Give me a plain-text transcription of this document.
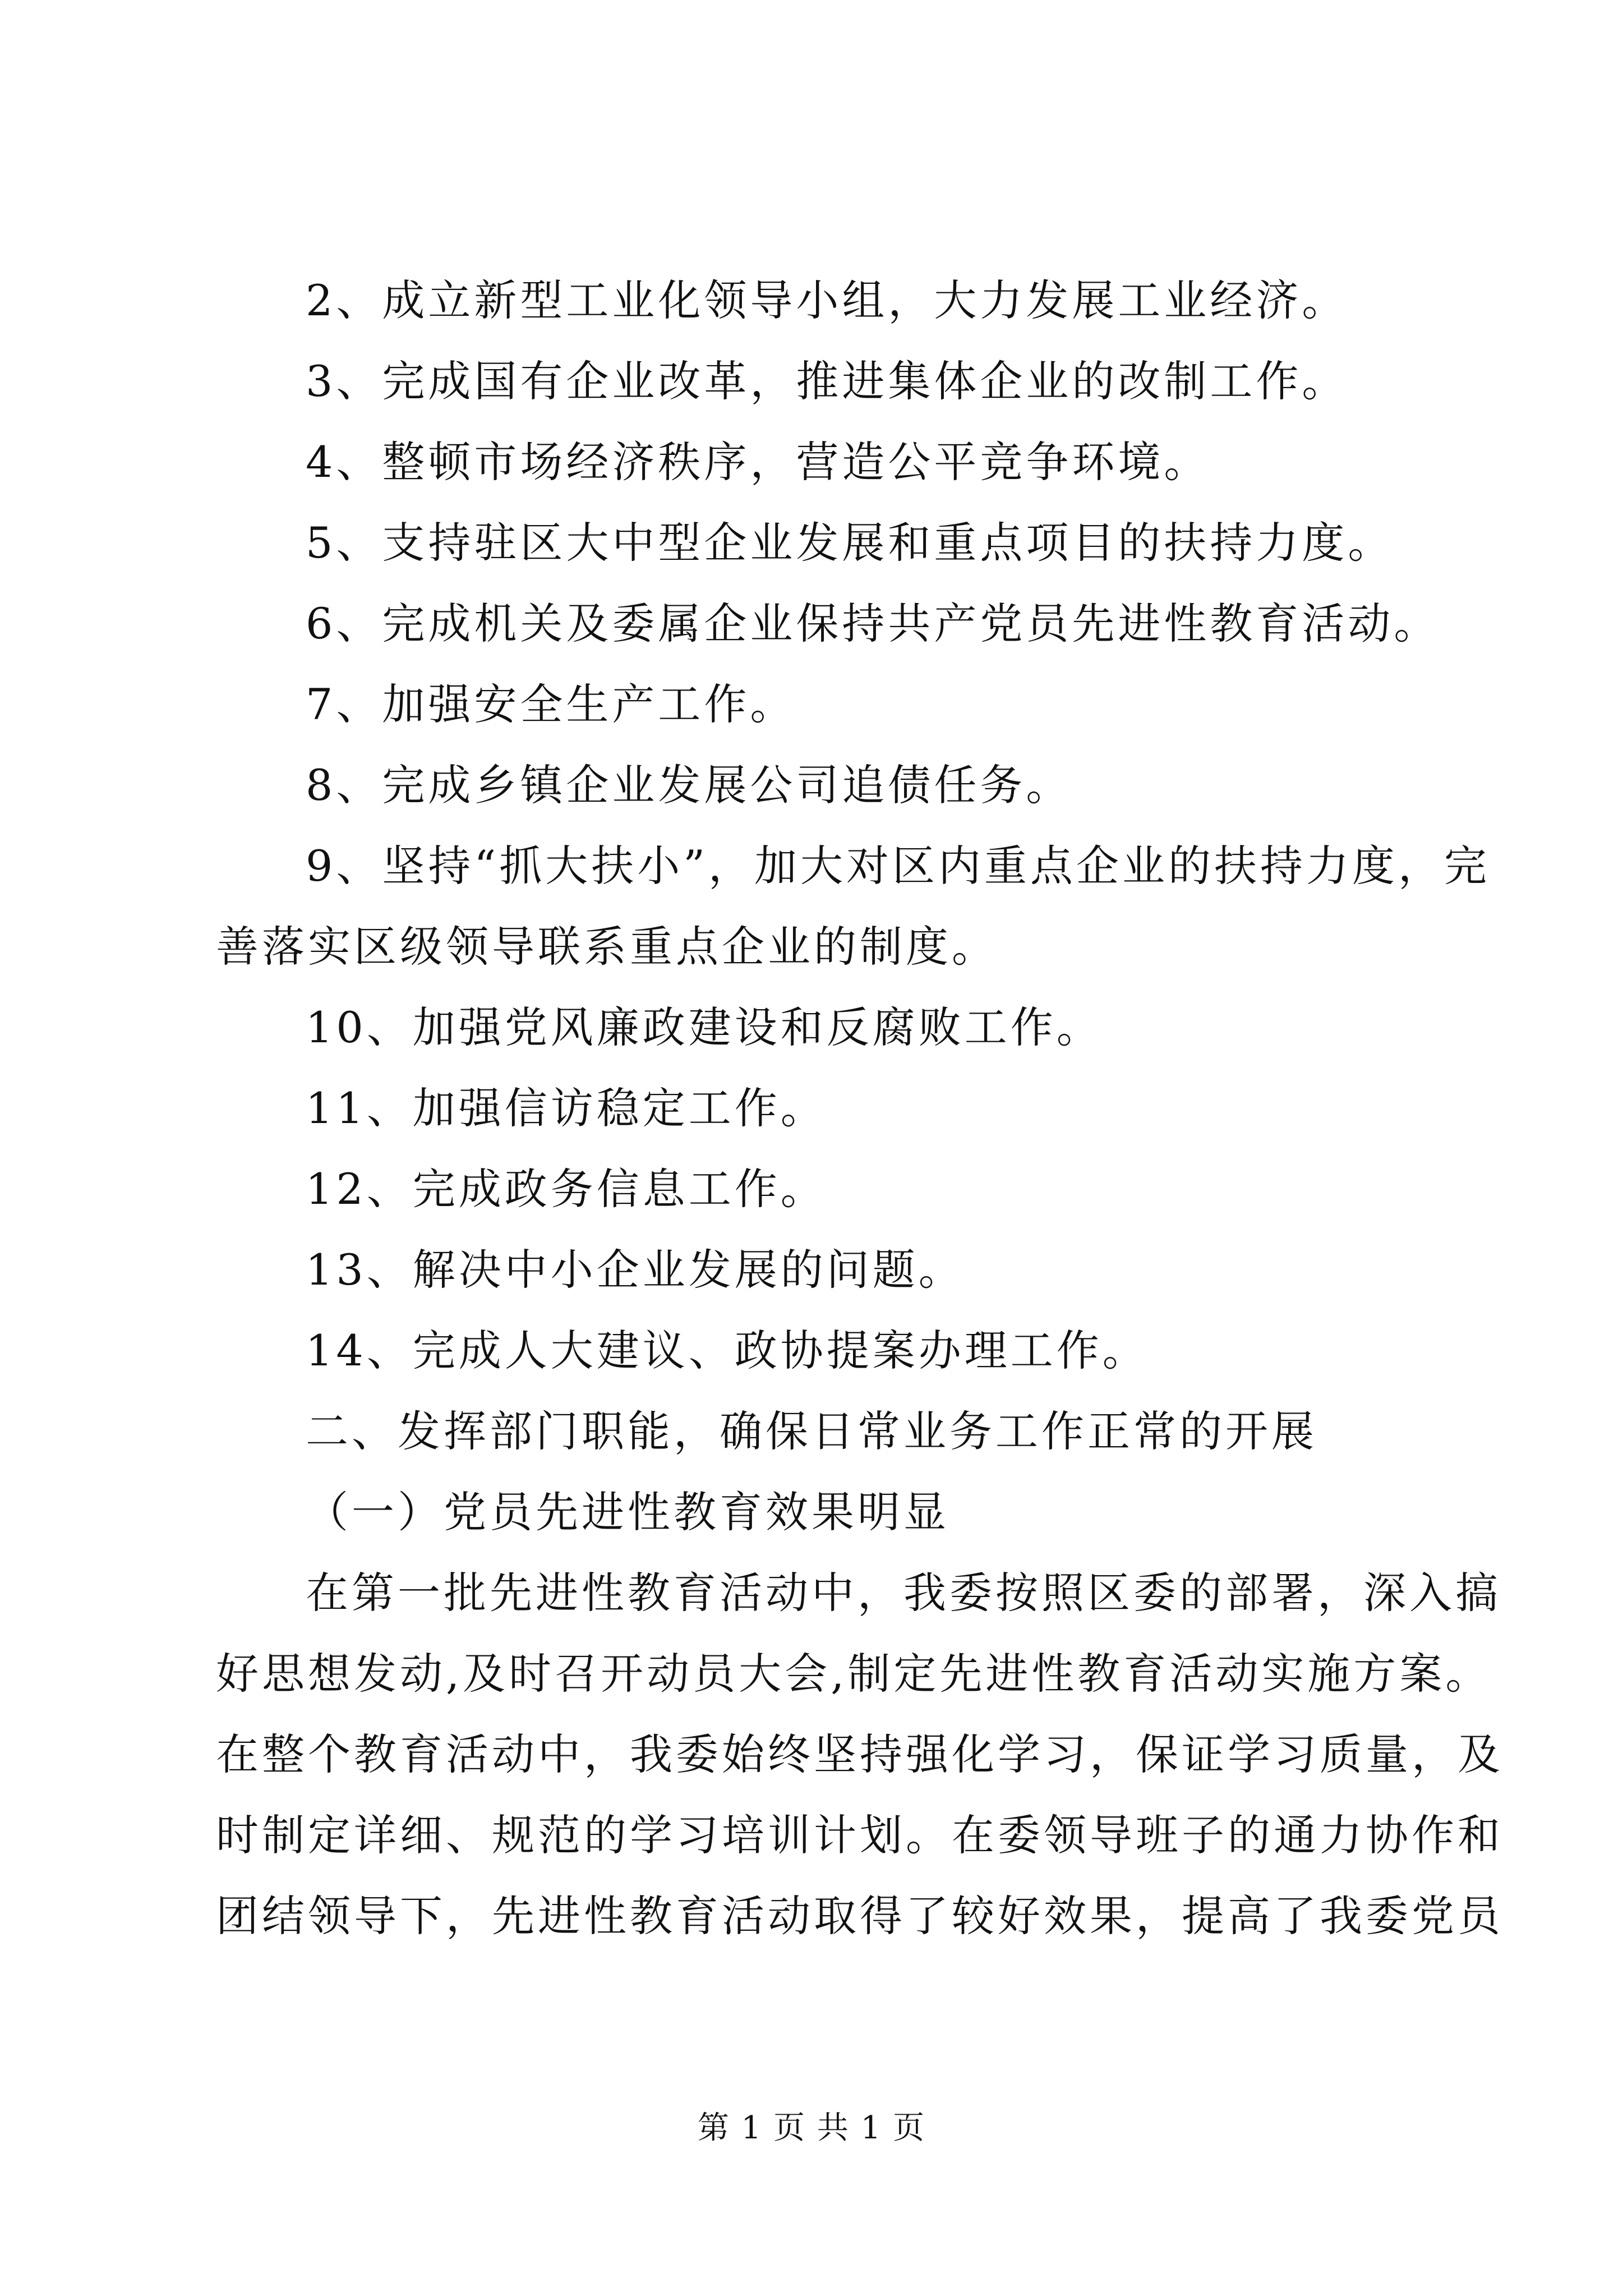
2、成立新型工业化领导小组，大力发展工业经济。
3、完成国有企业改革，推进集体企业的改制工作。
4、整顿市场经济秩序，营造公平竞争环境。
5、支持驻区大中型企业发展和重点项目的扶持力度。
6、完成机关及委属企业保持共产党员先进性教育活动。
7、加强安全生产工作。
8、完成乡镇企业发展公司追债任务。
9、坚持“抓大扶小”，加大对区内重点企业的扶持力度，完
善落实区级领导联系重点企业的制度。
10、加强党风廉政建设和反腐败工作。
11、加强信访稳定工作。
12、完成政务信息工作。
13、解决中小企业发展的问题。
14、完成人大建议、政协提案办理工作。
二、发挥部门职能，确保日常业务工作正常的开展
（一）党员先进性教育效果明显
在第一批先进性教育活动中，我委按照区委的部署，深入搞
好思想发动,及时召开动员大会,制定先进性教育活动实施方案。
在整个教育活动中，我委始终坚持强化学习，保证学习质量，及
时制定详细、规范的学习培训计划。在委领导班子的通力协作和
团结领导下，先进性教育活动取得了较好效果，提高了我委党员
第 1 页 共 1 页
